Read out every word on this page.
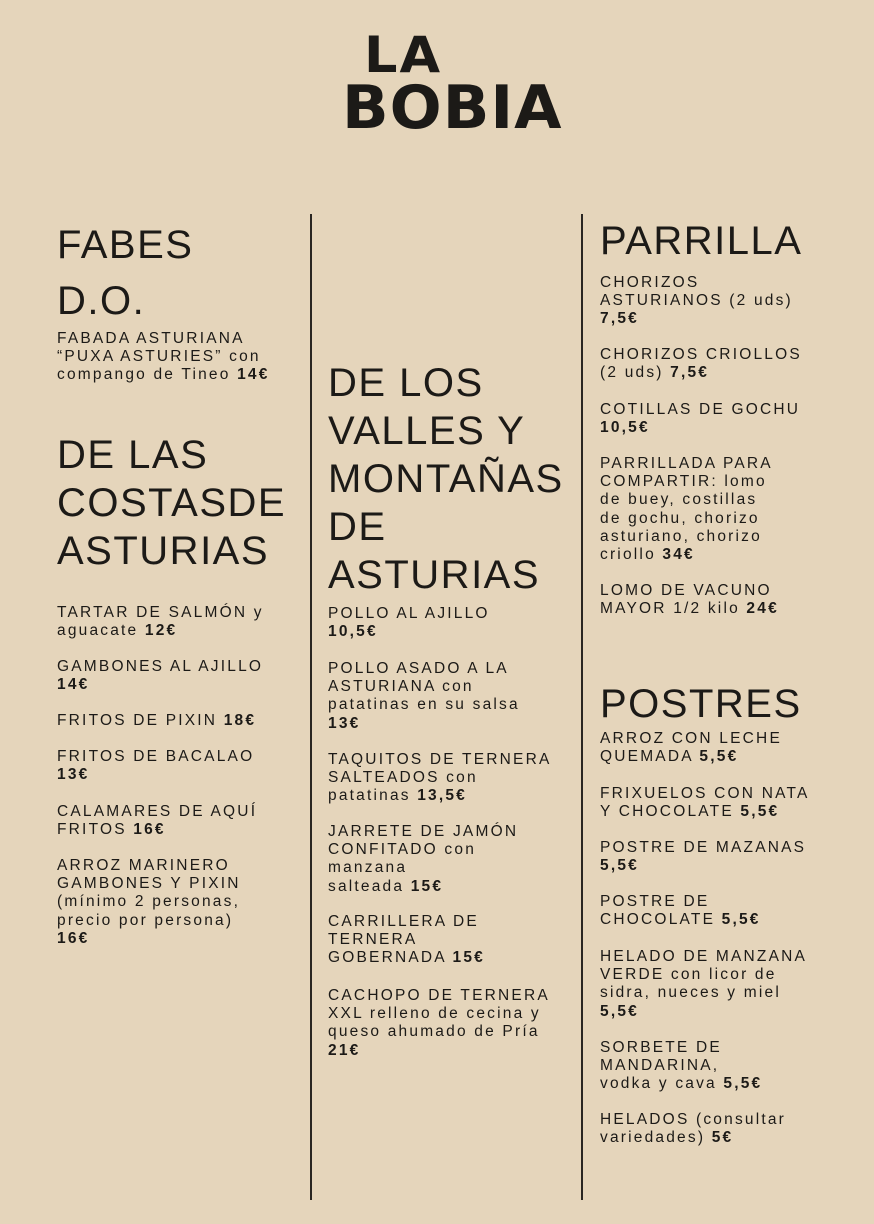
LA
BOBIA
FABES
D.O.

FABADA ASTURIANA
“PUXA ASTURIES” con
compango de Tineo 14€

DE LAS
COSTASDE
ASTURIAS

TARTAR DE SALMÓN y
aguacate 12€

GAMBONES AL AJILLO
14€

FRITOS DE PIXIN 18€

FRITOS DE BACALAO
13€

CALAMARES DE AQUÍ
FRITOS 16€

ARROZ MARINERO
GAMBONES Y PIXIN
(mínimo 2 personas,
precio por persona)
16€

DE LOS
VALLES Y
MONTAÑAS
DE
ASTURIAS

POLLO AL AJILLO
10,5€

POLLO ASADO A LA
ASTURIANA con
patatinas en su salsa
13€

TAQUITOS DE TERNERA
SALTEADOS con
patatinas 13,5€

JARRETE DE JAMÓN
CONFITADO con
manzana
salteada 15€

CARRILLERA DE
TERNERA
GOBERNADA 15€

CACHOPO DE TERNERA
XXL relleno de cecina y
queso ahumado de Pría
21€

PARRILLA

CHORIZOS
ASTURIANOS (2 uds)
7,5€

CHORIZOS CRIOLLOS
(2 uds) 7,5€

COTILLAS DE GOCHU
10,5€

PARRILLADA PARA
COMPARTIR: lomo
de buey, costillas
de gochu, chorizo
asturiano, chorizo
criollo 34€

LOMO DE VACUNO
MAYOR 1/2 kilo 24€

POSTRES

ARROZ CON LECHE
QUEMADA 5,5€

FRIXUELOS CON NATA
Y CHOCOLATE 5,5€

POSTRE DE MAZANAS
5,5€

POSTRE DE
CHOCOLATE 5,5€

HELADO DE MANZANA
VERDE con licor de
sidra, nueces y miel
5,5€

SORBETE DE
MANDARINA,
vodka y cava 5,5€

HELADOS (consultar
variedades) 5€
